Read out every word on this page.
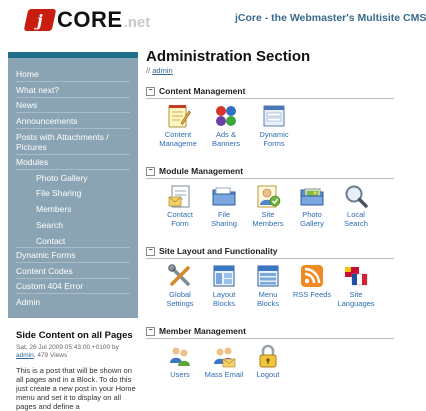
j CORE .net	jCore - the Webmaster's Multisite CMS
Home
What next?
News
Announcements
Posts with Attachments /
Pictures
Modules
Photo Gallery
File Sharing
Members
Search
Contact
Dynamic Forms
Content Codes
Custom 404 Error
Admin
Side Content on all Pages
Sat, 26 Jul 2009 05:43:00 +0100 by
admin, 479 Views
This is a post that will be shown on all pages and in a Block. To do this just create a new post in your Home menu and set it to display on all pages and define a
Administration Section
// admin
− Content Management
Content
Manageme
Ads &
Banners
Dynamic
Forms
− Module Management
Contact
Form
File
Sharing
Site
Members
Photo
Gallery
Local
Search
− Site Layout and Functionality
Global
Settings
Layout
Blocks
Menu
Blocks
RSS Feeds	Site
Languages
− Member Management
Users	Mass Email	Logout
